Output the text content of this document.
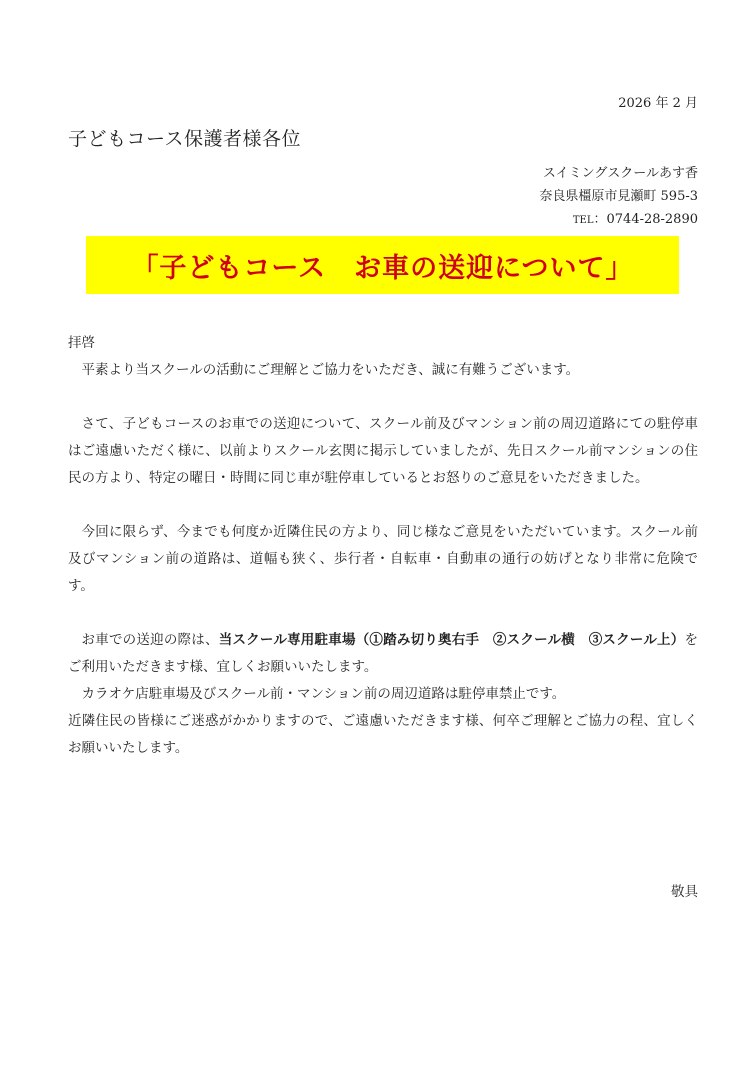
2026 年 2 月
子どもコース保護者様各位
スイミングスクールあす香
奈良県橿原市見瀬町 595-3
TEL：0744-28-2890
「子どもコース　お車の送迎について」

拝啓

平素より当スクールの活動にご理解とご協力をいただき、誠に有難うございます。

さて、子どもコースのお車での送迎について、スクール前及びマンション前の周辺道路にての駐停車はご遠慮いただく様に、以前よりスクール玄関に掲示していましたが、先日スクール前マンションの住民の方より、特定の曜日・時間に同じ車が駐停車しているとお怒りのご意見をいただきました。

今回に限らず、今までも何度か近隣住民の方より、同じ様なご意見をいただいています。スクール前及びマンション前の道路は、道幅も狭く、歩行者・自転車・自動車の通行の妨げとなり非常に危険です。

お車での送迎の際は、当スクール専用駐車場（①踏み切り奥右手　②スクール横　③スクール上）をご利用いただきます様、宜しくお願いいたします。

カラオケ店駐車場及びスクール前・マンション前の周辺道路は駐停車禁止です。

近隣住民の皆様にご迷惑がかかりますので、ご遠慮いただきます様、何卒ご理解とご協力の程、宜しくお願いいたします。

敬具
